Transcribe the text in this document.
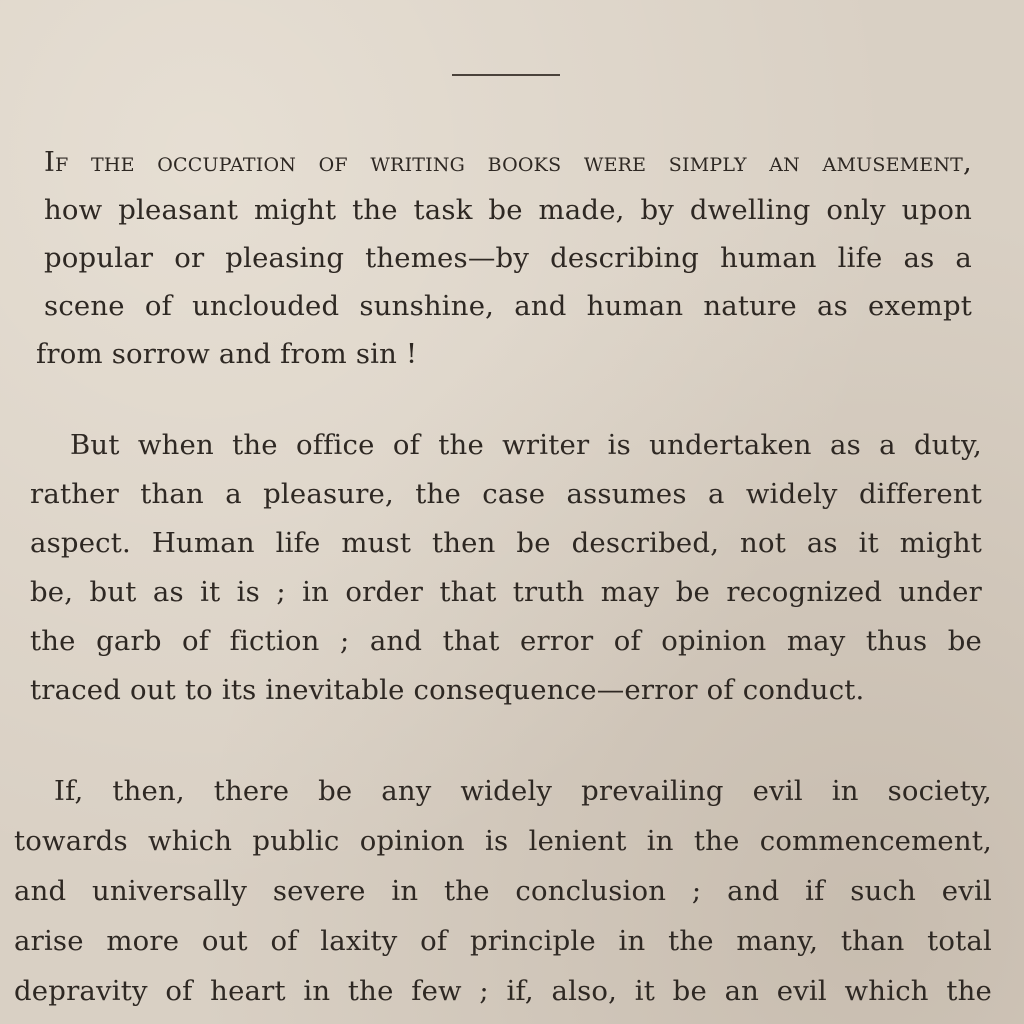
If the occupation of writing books were simply an amusement,
how pleasant might the task be made, by dwelling only upon
popular or pleasing themes—by describing human life as a
scene of unclouded sunshine, and human nature as exempt
from sorrow and from sin !
But when the office of the writer is undertaken as a duty,
rather than a pleasure, the case assumes a widely different
aspect. Human life must then be described, not as it might
be, but as it is ; in order that truth may be recognized under
the garb of fiction ; and that error of opinion may thus be
traced out to its inevitable consequence—error of conduct.
If, then, there be any widely prevailing evil in society,
towards which public opinion is lenient in the commencement,
and universally severe in the conclusion ; and if such evil
arise more out of laxity of principle in the many, than total
depravity of heart in the few ; if, also, it be an evil which the
